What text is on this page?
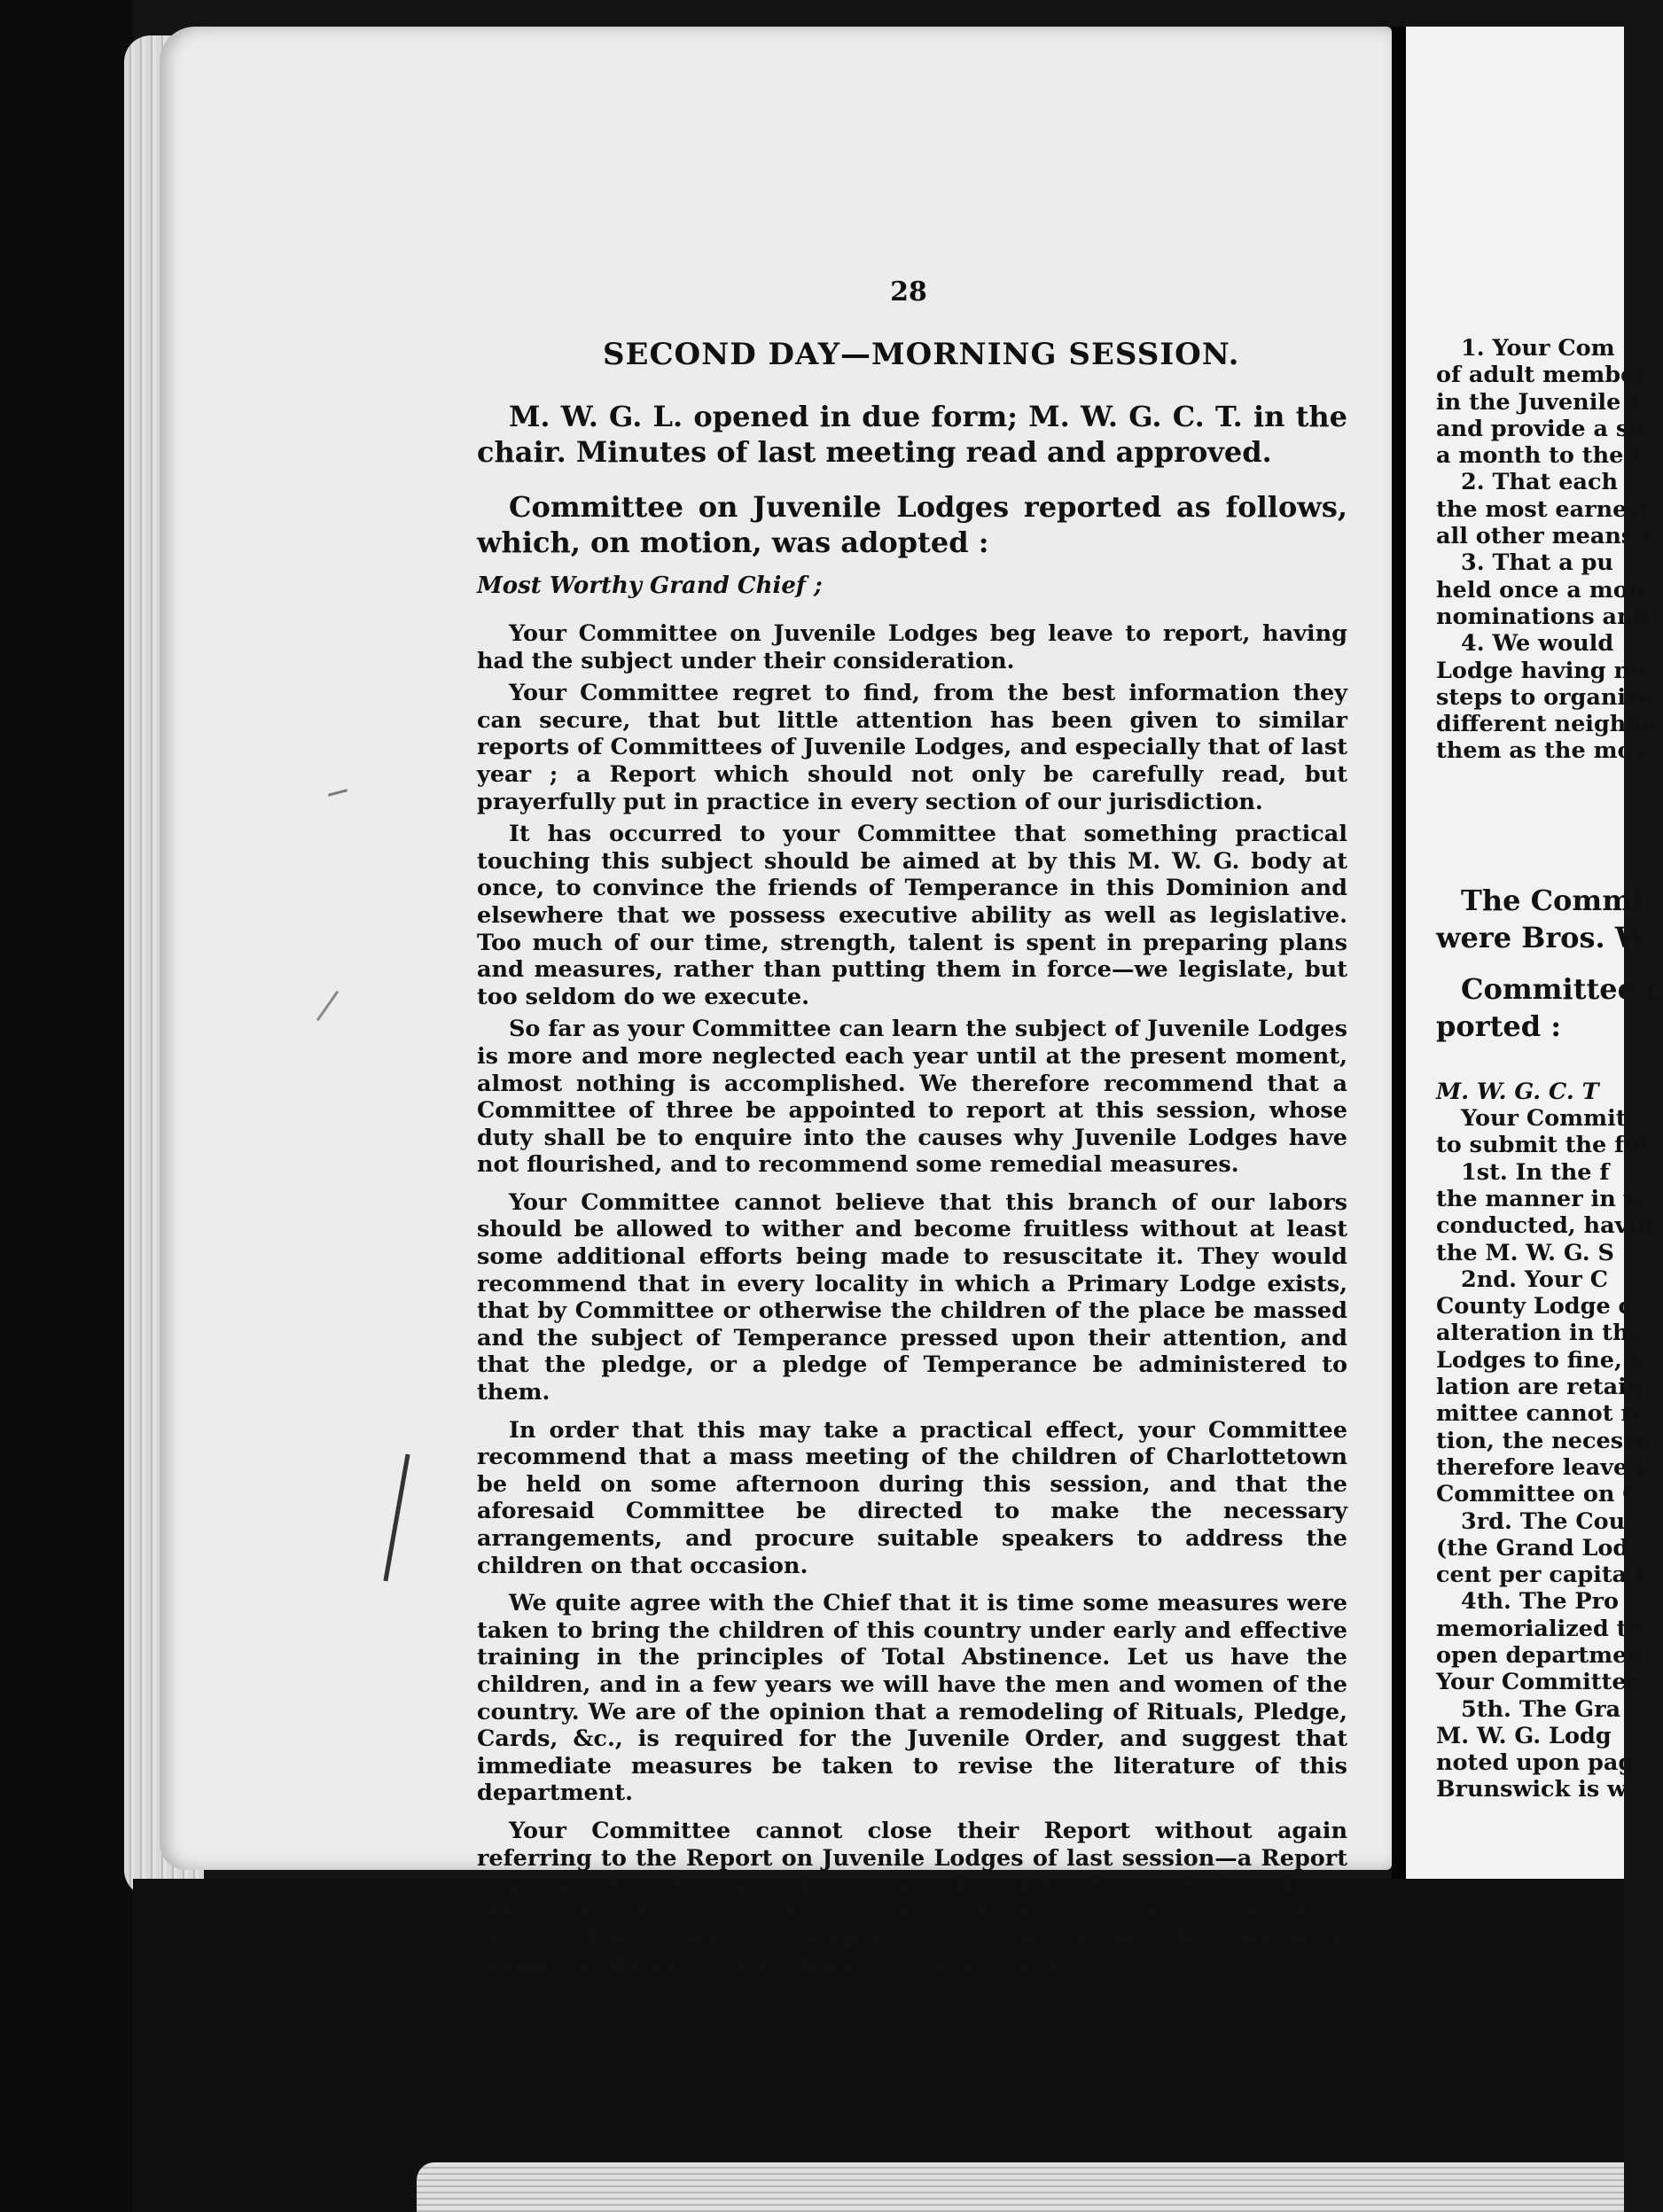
28
SECOND DAY—MORNING SESSION.
M. W. G. L. opened in due form; M. W. G. C. T. in the chair. Minutes of last meeting read and approved.
Committee on Juvenile Lodges reported as follows, which, on motion, was adopted :
Most Worthy Grand Chief ;

Your Committee on Juvenile Lodges beg leave to report, having had the subject under their consideration.

Your Committee regret to find, from the best information they can secure, that but little attention has been given to similar reports of Committees of Juvenile Lodges, and especially that of last year ; a Report which should not only be carefully read, but prayerfully put in practice in every section of our jurisdiction.

It has occurred to your Committee that something practical touching this subject should be aimed at by this M. W. G. body at once, to convince the friends of Temperance in this Dominion and elsewhere that we possess executive ability as well as legislative. Too much of our time, strength, talent is spent in preparing plans and measures, rather than putting them in force—we legislate, but too seldom do we execute.

So far as your Committee can learn the subject of Juvenile Lodges is more and more neglected each year until at the present moment, almost nothing is accomplished. We therefore recommend that a Committee of three be appointed to report at this session, whose duty shall be to enquire into the causes why Juvenile Lodges have not flourished, and to recommend some remedial measures.

Your Committee cannot believe that this branch of our labors should be allowed to wither and become fruitless without at least some additional efforts being made to resuscitate it. They would recommend that in every locality in which a Primary Lodge exists, that by Committee or otherwise the children of the place be massed and the subject of Temperance pressed upon their attention, and that the pledge, or a pledge of Temperance be administered to them.

In order that this may take a practical effect, your Committee recommend that a mass meeting of the children of Charlottetown be held on some afternoon during this session, and that the aforesaid Committee be directed to make the necessary arrangements, and procure suitable speakers to address the children on that occasion.

We quite agree with the Chief that it is time some measures were taken to bring the children of this country under early and effective training in the principles of Total Abstinence. Let us have the children, and in a few years we will have the men and women of the country. We are of the opinion that a remodeling of Rituals, Pledge, Cards, &c., is required for the Juvenile Order, and suggest that immediate measures be taken to revise the literature of this department.

Your Committee cannot close their Report without again referring to the Report on Juvenile Lodges of last session—a Report deserving the attention of every member of the Order. And while we feel constrained to commend it as a whole, we think we cannot do better than close our Report by again urging the following recommendations, taken from last year's Report :—

1. Your Com
of adult member
in the Juvenile I
and provide a su
a month to the I
2. That each
the most earnest
all other means t
3. That a pu
held once a mon
nominations and
4. We would
Lodge having no
steps to organize
different neighbo
them as the mos
The Commi
were Bros. W
Committee c
ported :
M. W. G. C. T
Your Commit
to submit the fol
1st. In the f
the manner in w
conducted, havin
the M. W. G. S
2nd. Your C
County Lodge c
alteration in the
Lodges to fine, s
lation are retain
mittee cannot re
tion, the necesse
therefore leave i
Committee on C
3rd. The Cou
(the Grand Lod
cent per capita t
4th. The Pro
memorialized to
open departmen
Your Committee
5th. The Gra
M. W. G. Lodg
noted upon pag
Brunswick is w
